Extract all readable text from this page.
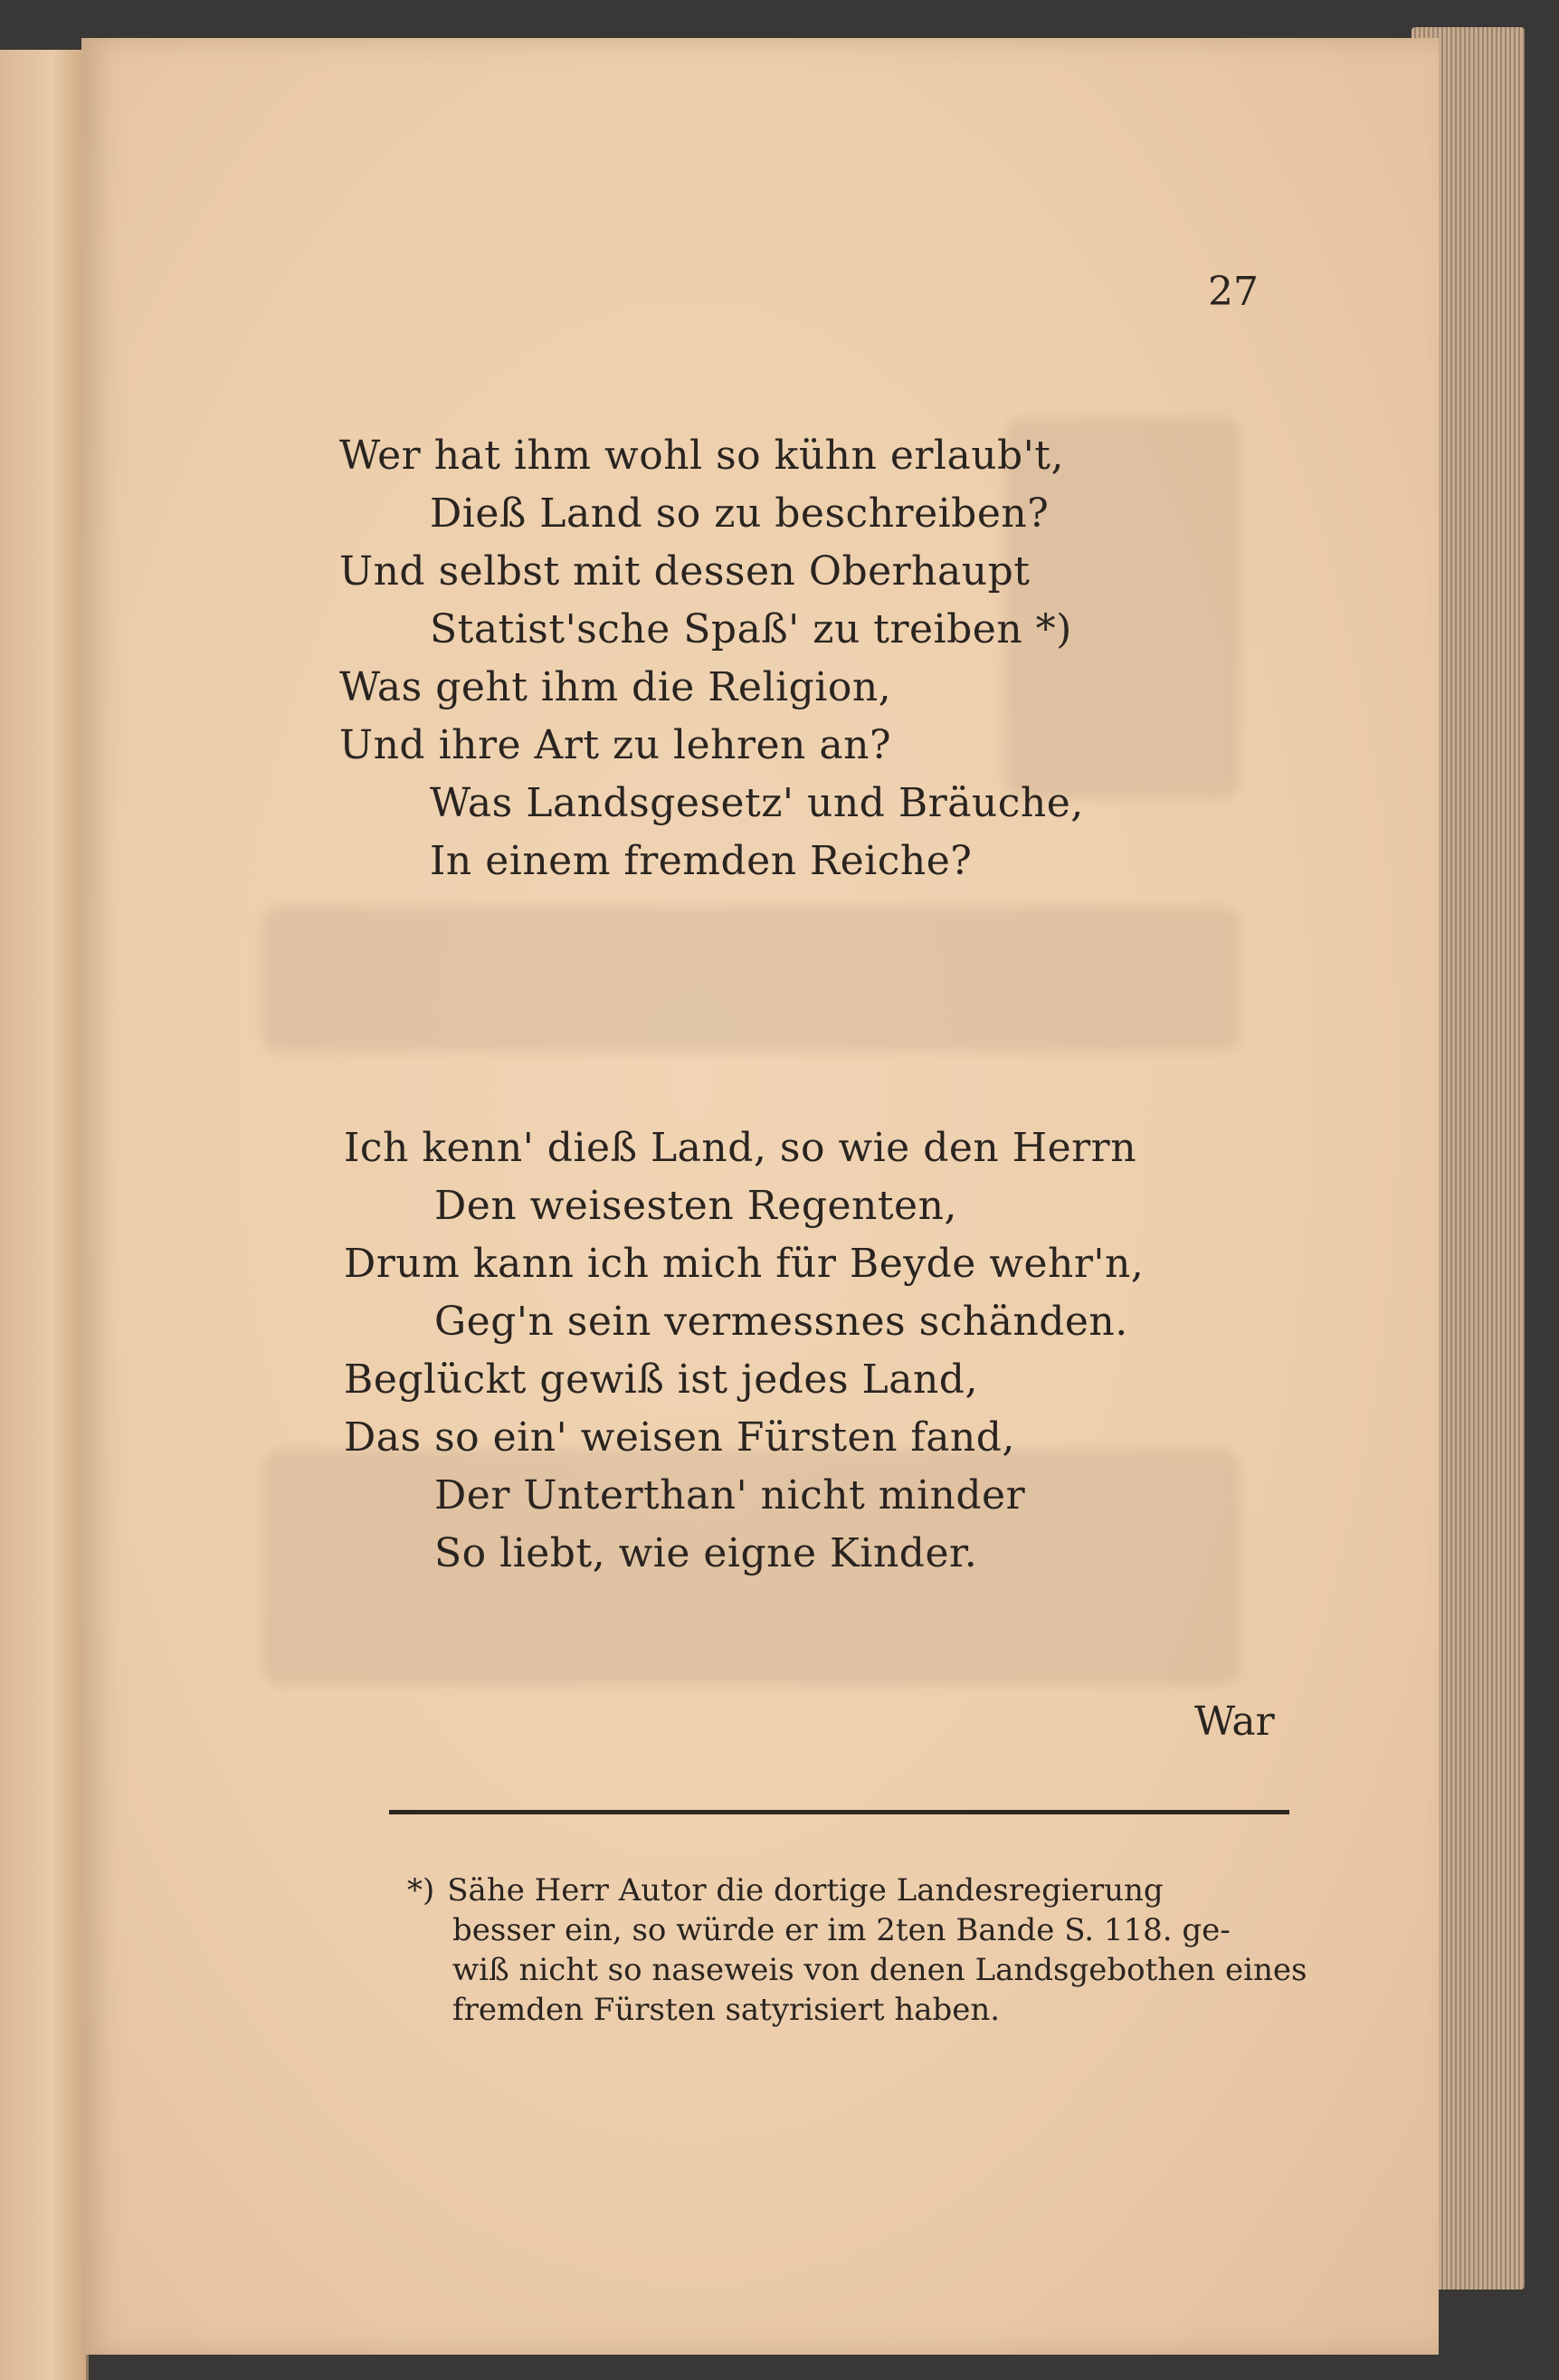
27

Wer hat ihm wohl so kühn erlaub't,
Dieß Land so zu beschreiben?
Und selbst mit dessen Oberhaupt
Statist'sche Spaß' zu treiben *)
Was geht ihm die Religion,
Und ihre Art zu lehren an?
Was Landsgesetz' und Bräuche,
In einem fremden Reiche?
Ich kenn' dieß Land, so wie den Herrn
Den weisesten Regenten,
Drum kann ich mich für Beyde wehr'n,
Geg'n sein vermessnes schänden.
Beglückt gewiß ist jedes Land,
Das so ein' weisen Fürsten fand,
Der Unterthan' nicht minder
So liebt, wie eigne Kinder.

War

*) Sähe Herr Autor die dortige Landesregierung
besser ein, so würde er im 2ten Bande S. 118. ge-
wiß nicht so naseweis von denen Landsgebothen eines
fremden Fürsten satyrisiert haben.
